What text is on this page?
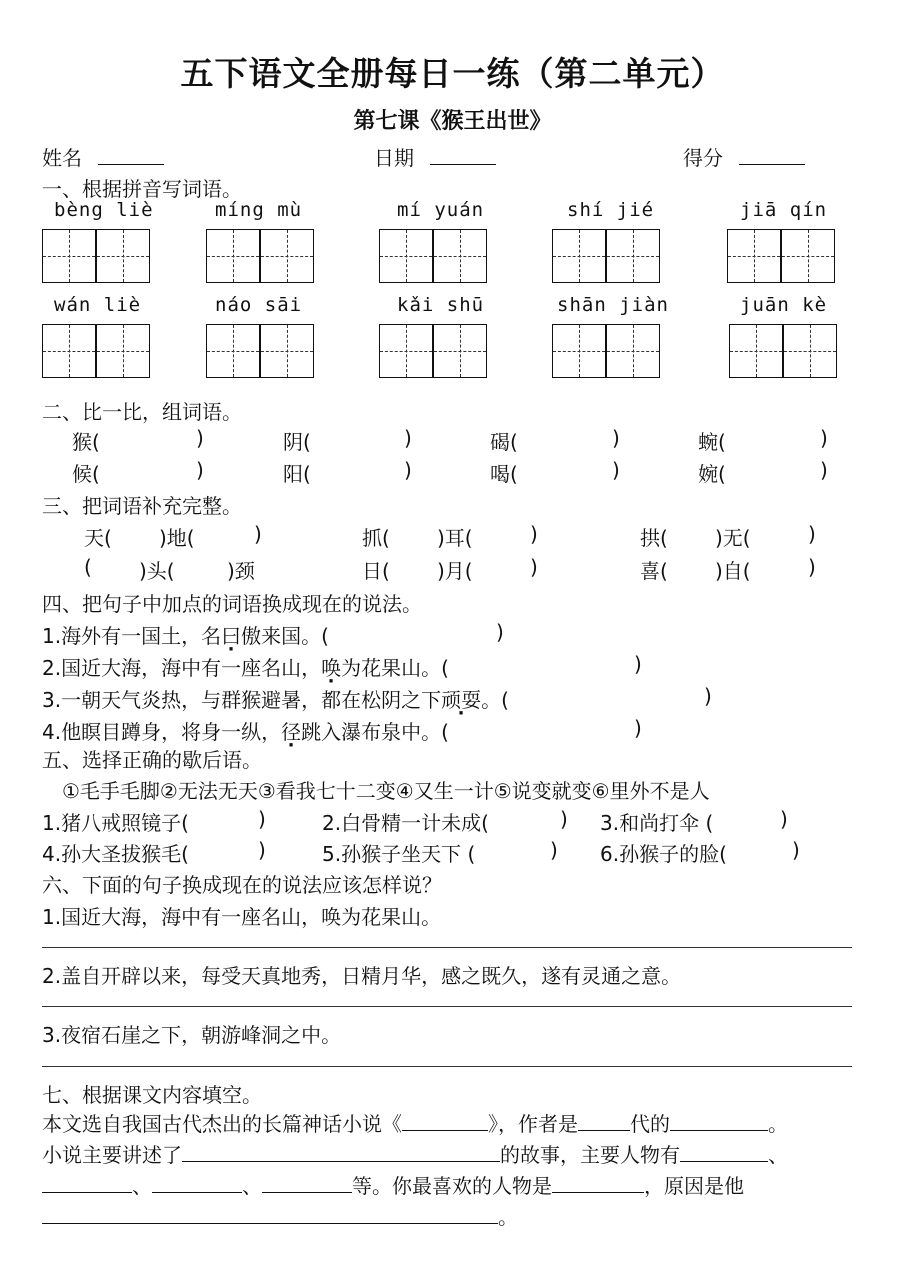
五下语文全册每日一练（第二单元）
第七课《猴王出世》
姓名	日期	得分
一、根据拼音写词语。
bèng liè	míng mù	mí yuán	shí jié	jiā qín
wán liè	náo sāi	kǎi shū	shān jiàn	juān kè
二、比一比，组词语。
猴(	)	阴(	)	碣(	)	蜿(	)
候(	)	阳(	)	喝(	)	婉(	)
三、把词语补充完整。
天( )地(	)	抓( )耳(	)	拱( )无(	)
( )头(	)颈	日( )月(	)	喜( )自(	)
四、把句子中加点的词语换成现在的说法。
1.海外有一国土，名曰傲来国。(	)
2.国近大海，海中有一座名山，唤为花果山。(	)
3.一朝天气炎热，与群猴避暑，都在松阴之下顽耍。(	)
4.他瞑目蹲身，将身一纵，径跳入瀑布泉中。(	)
五、选择正确的歇后语。
①毛手毛脚②无法无天③看我七十二变④又生一计⑤说变就变⑥里外不是人
1.猪八戒照镜子(	)	2.白骨精一计未成(	) 3.和尚打伞 (	)
4.孙大圣拔猴毛(	)	5.孙猴子坐天下 (	) 6.孙猴子的脸(	)
六、下面的句子换成现在的说法应该怎样说？
1.国近大海，海中有一座名山，唤为花果山。
2.盖自开辟以来，每受天真地秀，日精月华，感之既久，遂有灵通之意。
3.夜宿石崖之下，朝游峰洞之中。
七、根据课文内容填空。
本文选自我国古代杰出的长篇神话小说《	》，作者是	代的	。
小说主要讲述了	的故事，主要人物有	、
、	、	等。你最喜欢的人物是	，原因是他
。
